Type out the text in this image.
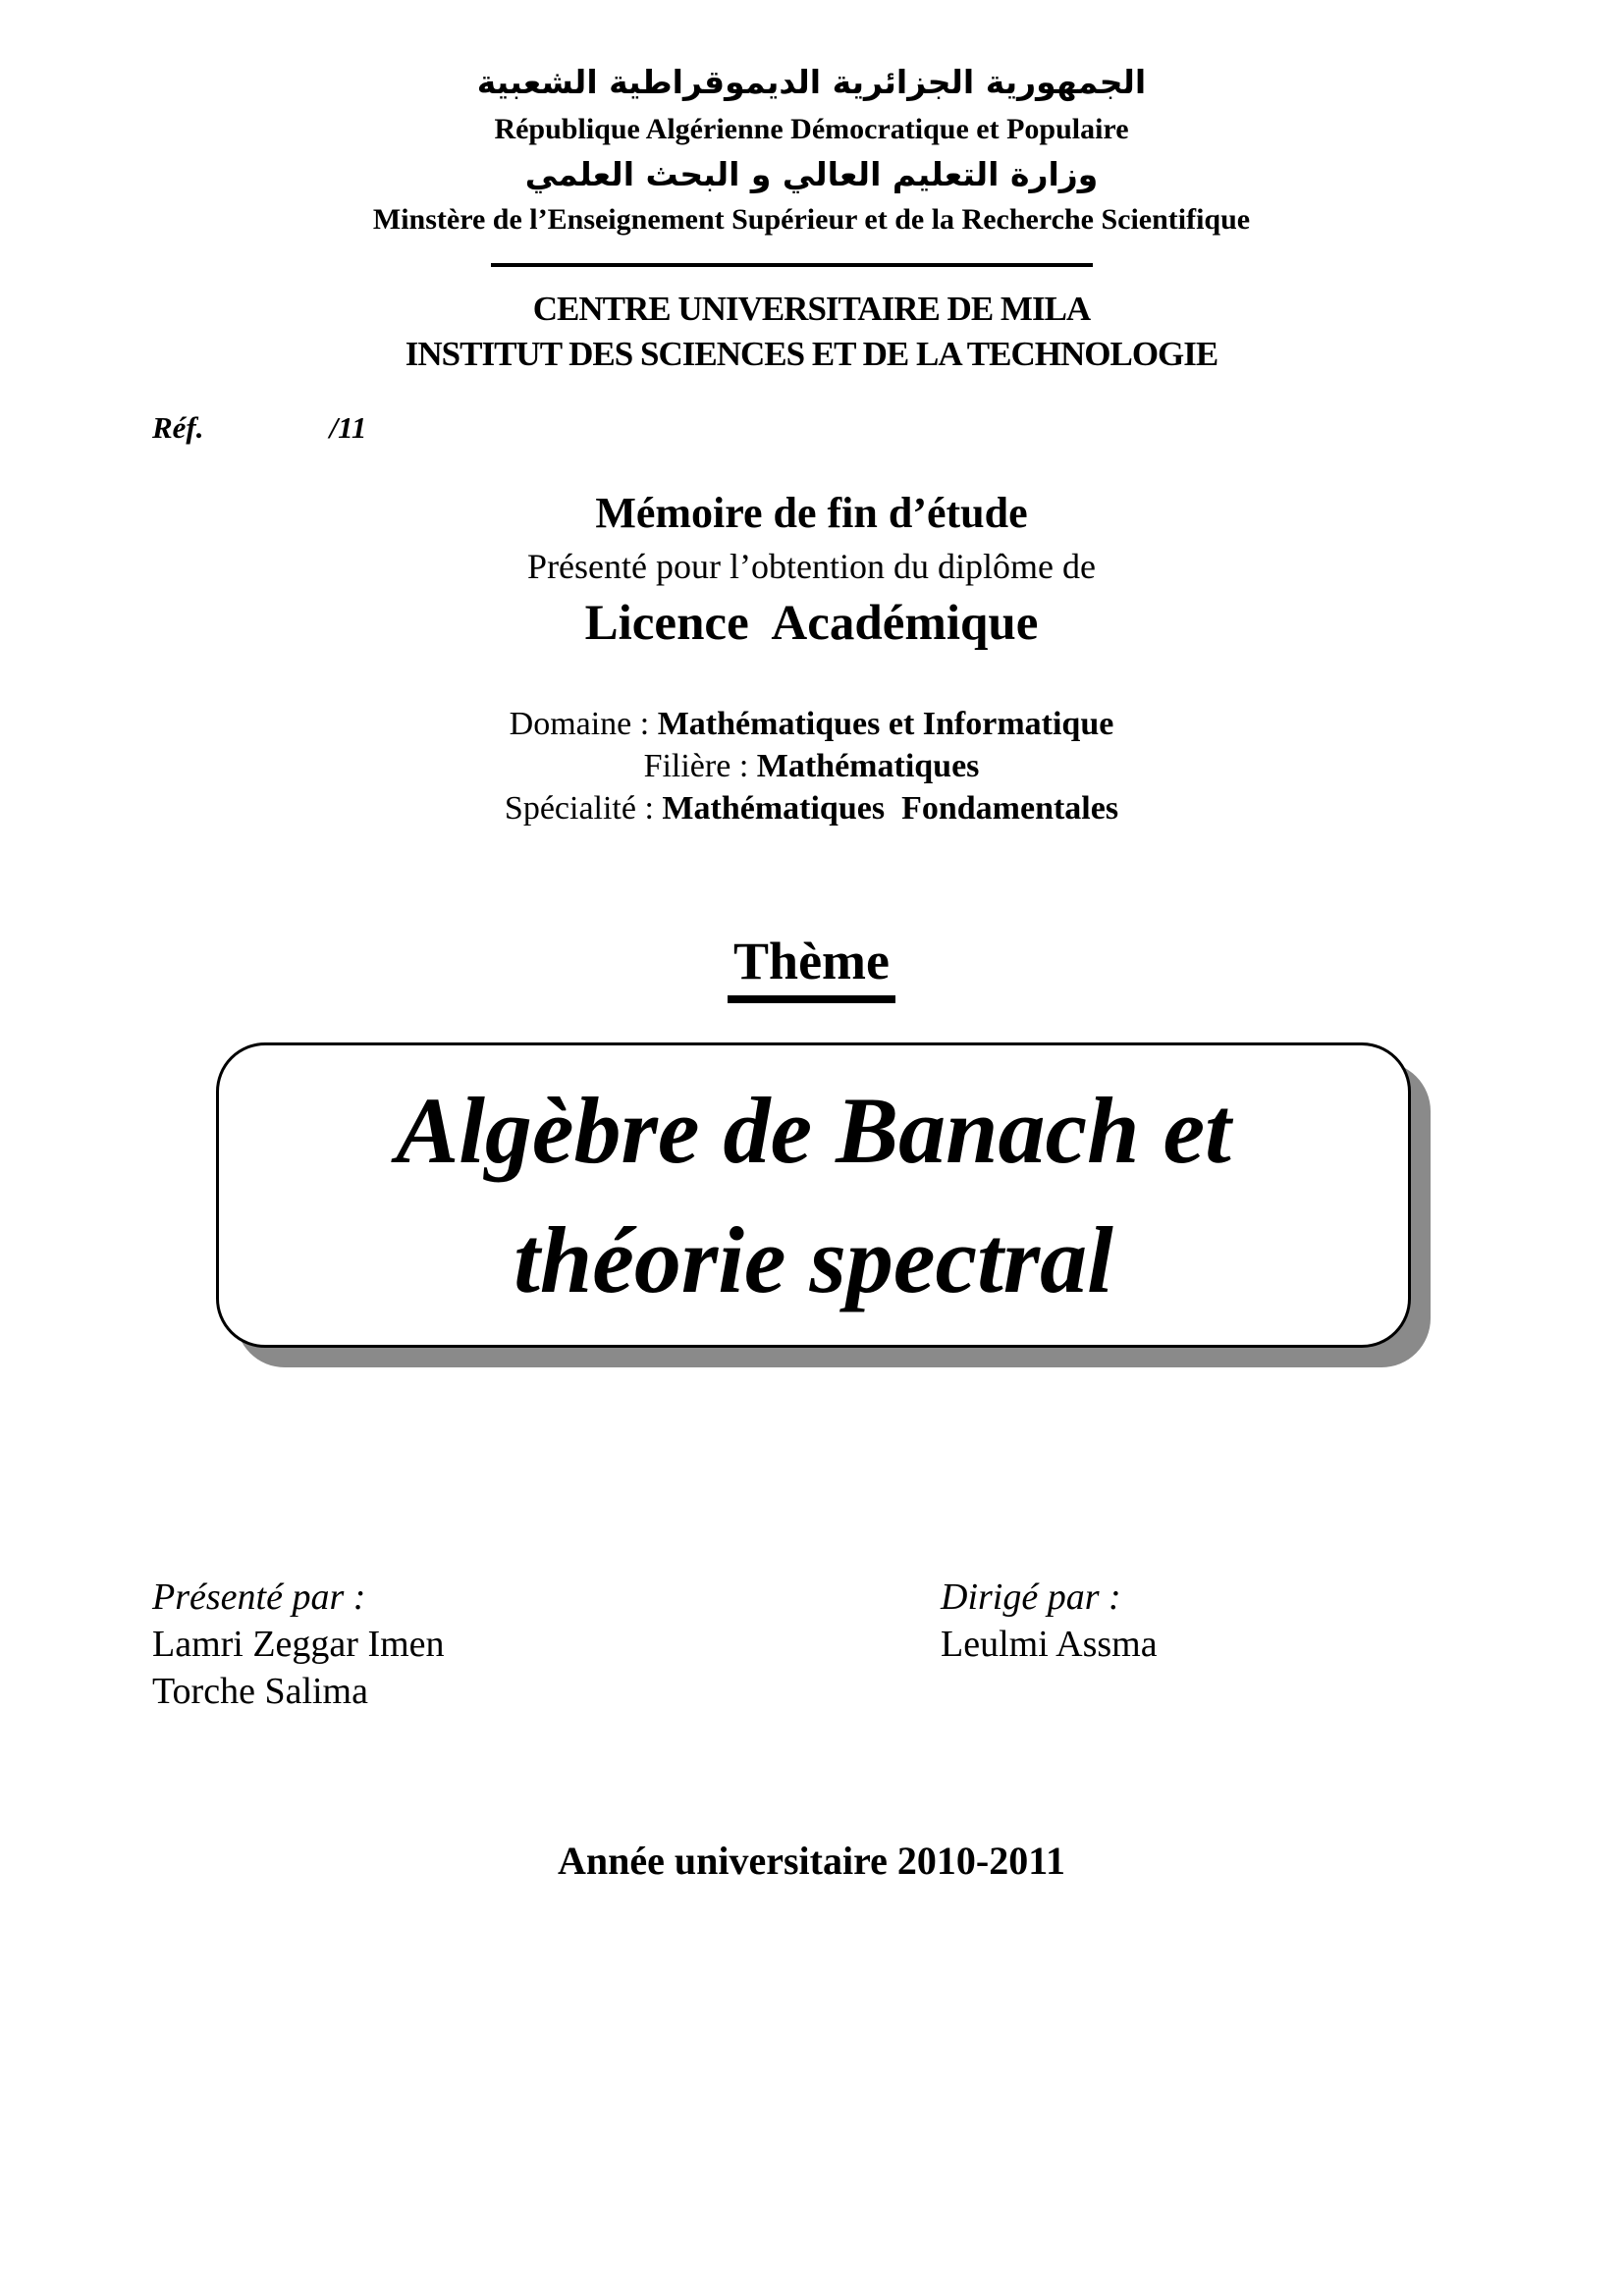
الجمهورية الجزائرية الديموقراطية الشعبية
République Algérienne Démocratique et Populaire
وزارة التعليم العالي و البحث العلمي
Minstère de l’Enseignement Supérieur et de la Recherche Scientifique
CENTRE UNIVERSITAIRE DE MILA
INSTITUT DES SCIENCES ET DE LA TECHNOLOGIE
Réf.	/11
Mémoire de fin d’étude
Présenté pour l’obtention du diplôme de
Licence  Académique
Domaine : Mathématiques et Informatique
Filière : Mathématiques
Spécialité : Mathématiques  Fondamentales
Thème
Algèbre de Banach et
théorie spectral
Présenté par :
Lamri Zeggar Imen
Torche Salima
Dirigé par :
Leulmi Assma
Année universitaire 2010-2011
